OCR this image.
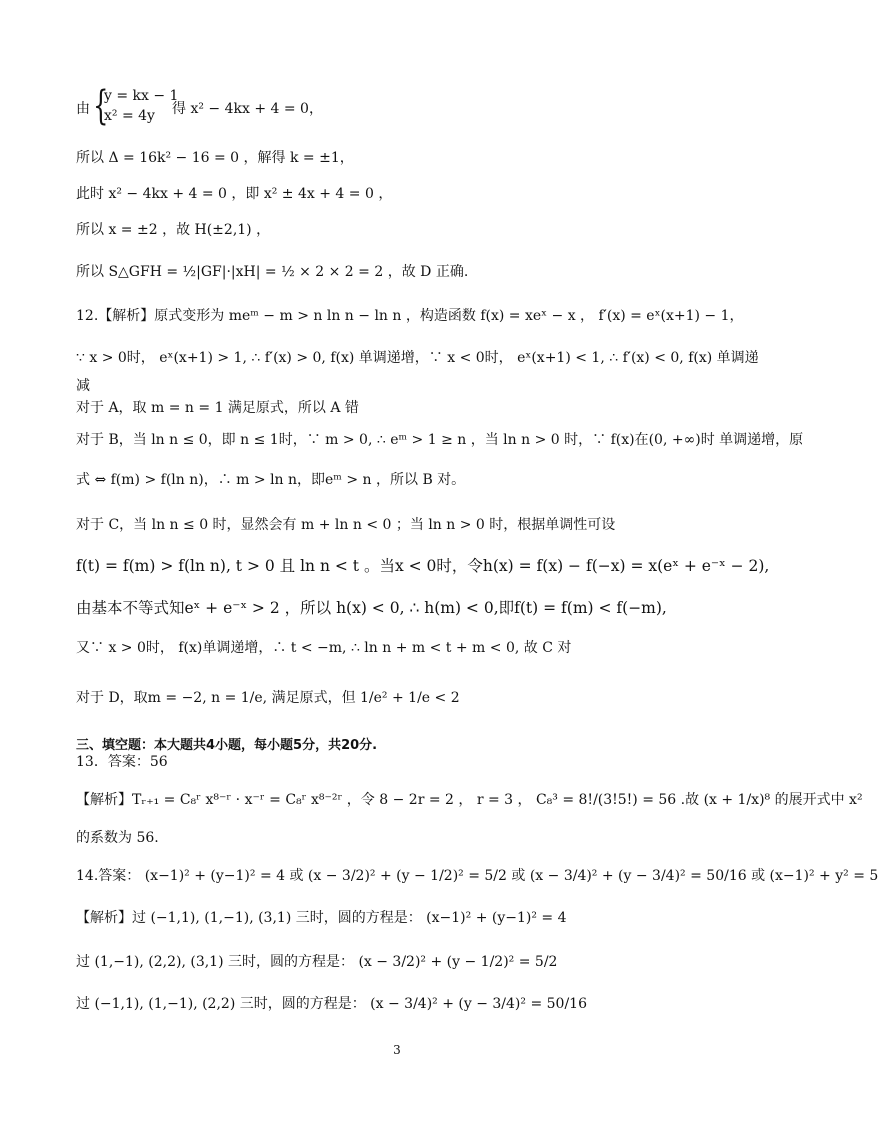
由 {
y = kx − 1
x² = 4y 得 x² − 4kx + 4 = 0，
所以 Δ = 16k² − 16 = 0 ，解得 k = ±1，
此时 x² − 4kx + 4 = 0 ，即 x² ± 4x + 4 = 0 ，
所以 x = ±2 ，故 H(±2,1) ，
所以 S△GFH = ½|GF|·|xH| = ½ × 2 × 2 = 2 ，故 D 正确.
12.【解析】原式变形为 meᵐ − m > n ln n − ln n ，构造函数 f(x) = xeˣ − x ， f′(x) = eˣ(x+1) − 1，
∵ x > 0时， eˣ(x+1) > 1, ∴ f′(x) > 0, f(x) 单调递增，∵ x < 0时， eˣ(x+1) < 1, ∴ f′(x) < 0, f(x) 单调递
减
对于 A，取 m = n = 1 满足原式，所以 A 错
对于 B，当 ln n ≤ 0，即 n ≤ 1时，∵ m > 0, ∴ eᵐ > 1 ≥ n ，当 ln n > 0 时，∵ f(x)在(0, +∞)时 单调递增，原
式 ⇔ f(m) > f(ln n)，∴ m > ln n，即eᵐ > n ，所以 B 对。
对于 C，当 ln n ≤ 0 时，显然会有 m + ln n < 0 ；当 ln n > 0 时，根据单调性可设
f(t) = f(m) > f(ln n), t > 0 且 ln n < t 。当x < 0时，令h(x) = f(x) − f(−x) = x(eˣ + e⁻ˣ − 2),
由基本不等式知eˣ + e⁻ˣ > 2 ，所以 h(x) < 0, ∴ h(m) < 0,即f(t) = f(m) < f(−m),
又∵ x > 0时， f(x)单调递增，∴ t < −m, ∴ ln n + m < t + m < 0, 故 C 对
对于 D，取m = −2, n = 1/e, 满足原式，但 1/e² + 1/e < 2
三、填空题：本大题共4小题，每小题5分，共20分.
13．答案：56
【解析】Tᵣ₊₁ = C₈ʳ x⁸⁻ʳ · x⁻ʳ = C₈ʳ x⁸⁻²ʳ ，令 8 − 2r = 2 ， r = 3 ， C₈³ = 8!/(3!5!) = 56 .故 (x + 1/x)⁸ 的展开式中 x²
的系数为 56.
14.答案： (x−1)² + (y−1)² = 4 或 (x − 3/2)² + (y − 1/2)² = 5/2 或 (x − 3/4)² + (y − 3/4)² = 50/16 或 (x−1)² + y² = 5
【解析】过 (−1,1), (1,−1), (3,1) 三时，圆的方程是： (x−1)² + (y−1)² = 4
过 (1,−1), (2,2), (3,1) 三时，圆的方程是： (x − 3/2)² + (y − 1/2)² = 5/2
过 (−1,1), (1,−1), (2,2) 三时，圆的方程是： (x − 3/4)² + (y − 3/4)² = 50/16
3
